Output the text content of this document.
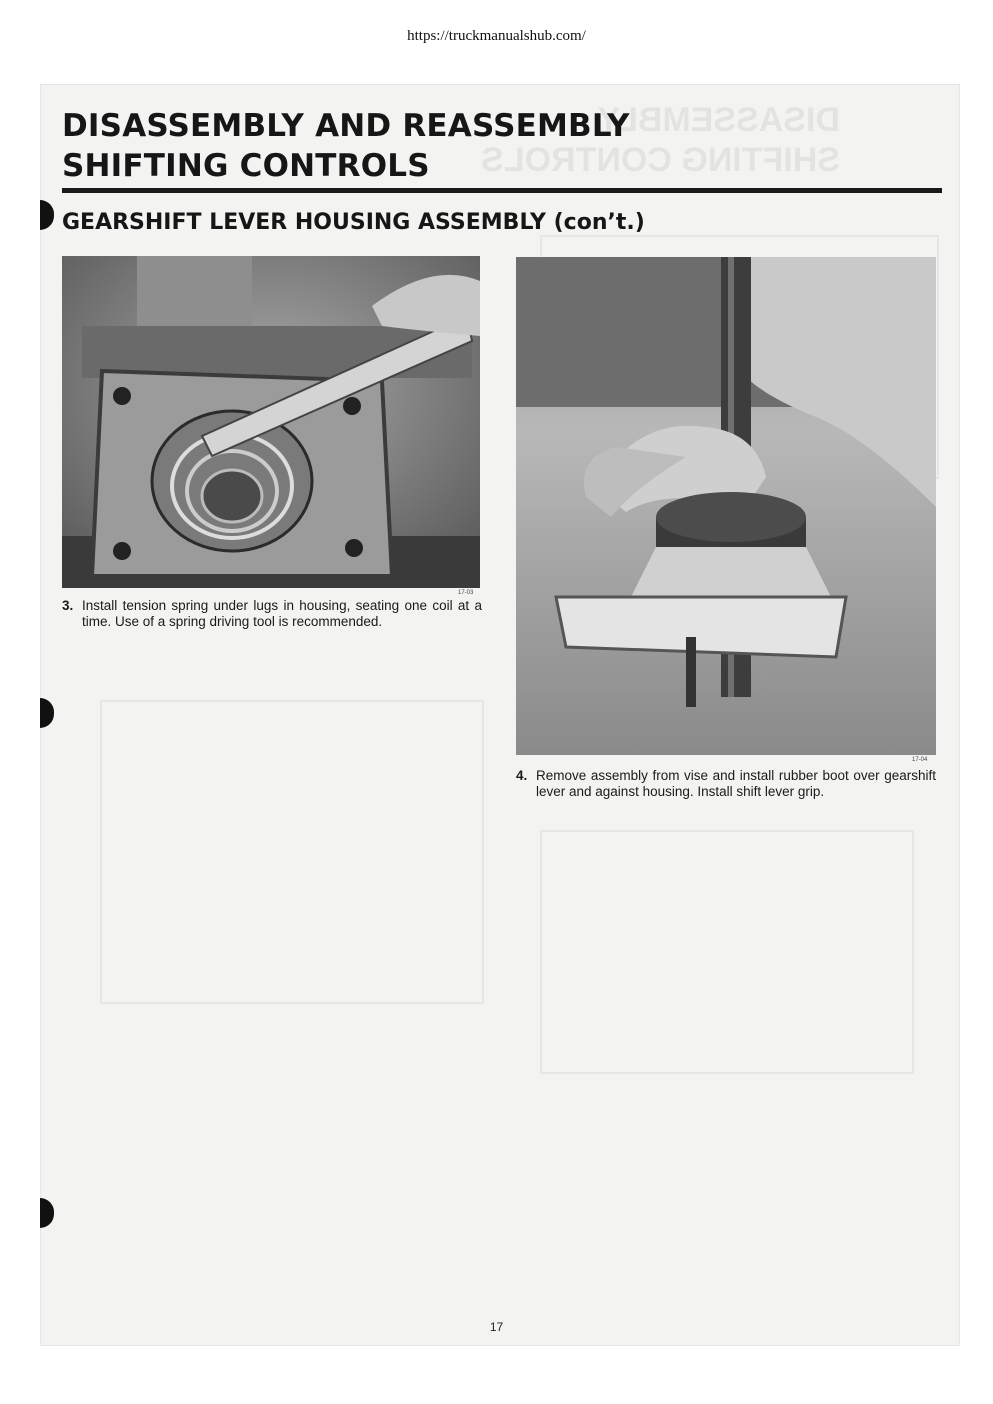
https://truckmanualshub.com/

DISASSEMBLY AND REASSEMBLY
SHIFTING CONTROLS
GEARSHIFT LEVER HOUSING ASSEMBLY (con’t.)
17-03
3. Install tension spring under lugs in housing, seating one coil at a time. Use of a spring driving tool is recommended.
17-04
4. Remove assembly from vise and install rubber boot over gearshift lever and against housing. Install shift lever grip.
17
